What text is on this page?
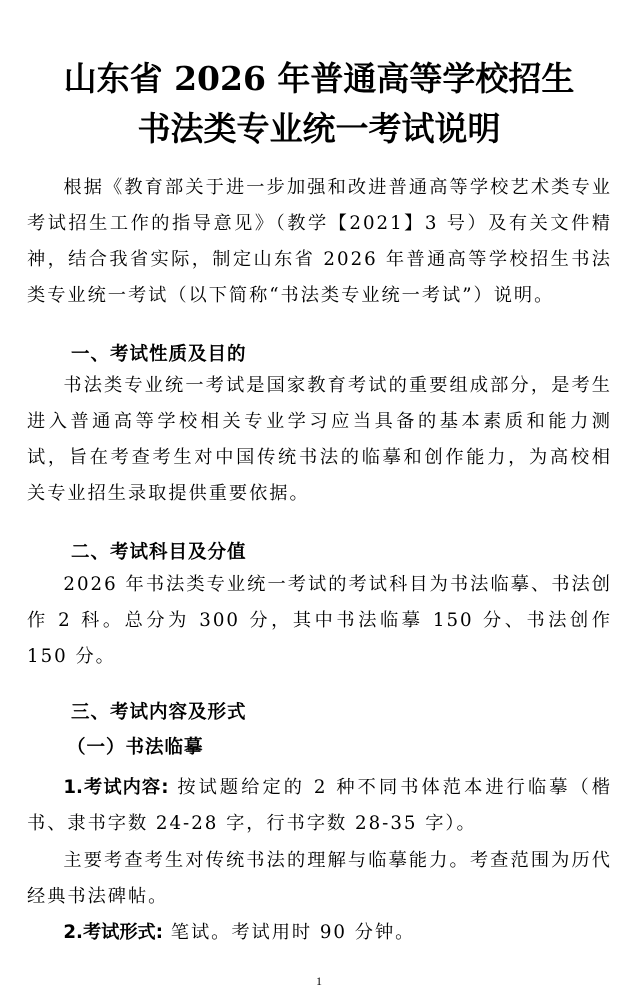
山东省 2026 年普通高等学校招生
书法类专业统一考试说明

根据《教育部关于进一步加强和改进普通高等学校艺术类专业考试招生工作的指导意见》（教学【2021】3 号）及有关文件精神，结合我省实际，制定山东省 2026 年普通高等学校招生书法类专业统一考试（以下简称“书法类专业统一考试”）说明。

一、考试性质及目的

书法类专业统一考试是国家教育考试的重要组成部分，是考生进入普通高等学校相关专业学习应当具备的基本素质和能力测试，旨在考查考生对中国传统书法的临摹和创作能力，为高校相关专业招生录取提供重要依据。

二、考试科目及分值

2026 年书法类专业统一考试的考试科目为书法临摹、书法创作 2 科。总分为 300 分，其中书法临摹 150 分、书法创作 150 分。

三、考试内容及形式
（一）书法临摹

1.考试内容: 按试题给定的 2 种不同书体范本进行临摹（楷书、隶书字数 24-28 字，行书字数 28-35 字）。

主要考查考生对传统书法的理解与临摹能力。考查范围为历代经典书法碑帖。

2.考试形式: 笔试。考试用时 90 分钟。

1
